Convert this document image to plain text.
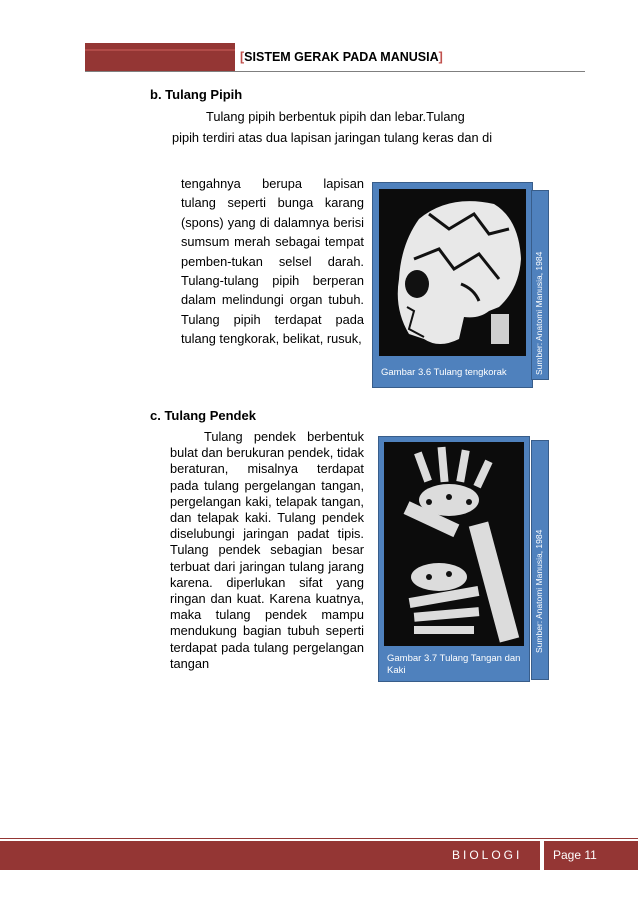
[SISTEM GERAK PADA MANUSIA]
b. Tulang Pipih
Tulang pipih berbentuk pipih dan lebar.Tulang
pipih terdiri atas dua lapisan jaringan tulang keras dan di
tengahnya berupa lapisan tulang seperti bunga karang (spons) yang di dalamnya berisi sumsum merah sebagai tempat pemben-tukan selsel darah. Tulang-tulang pipih berperan dalam melindungi organ tubuh. Tulang pipih terdapat pada tulang tengkorak, belikat, rusuk,
Gambar 3.6 Tulang tengkorak	Sumber: Anatomi Manusia, 1984
c. Tulang Pendek
Tulang pendek berbentuk bulat dan berukuran pendek, tidak beraturan, misalnya terdapat pada tulang pergelangan tangan, pergelangan kaki, telapak tangan, dan telapak kaki. Tulang pendek diselubungi jaringan padat tipis. Tulang pendek sebagian besar terbuat dari jaringan tulang jarang karena. diperlukan sifat yang ringan dan kuat. Karena kuatnya, maka tulang pendek mampu mendukung bagian tubuh seperti terdapat pada tulang pergelangan tangan	Gambar 3.7 Tulang Tangan dan Kaki
Sumber: Anatomi Manusia, 1984
BIOLOGI	Page 11
